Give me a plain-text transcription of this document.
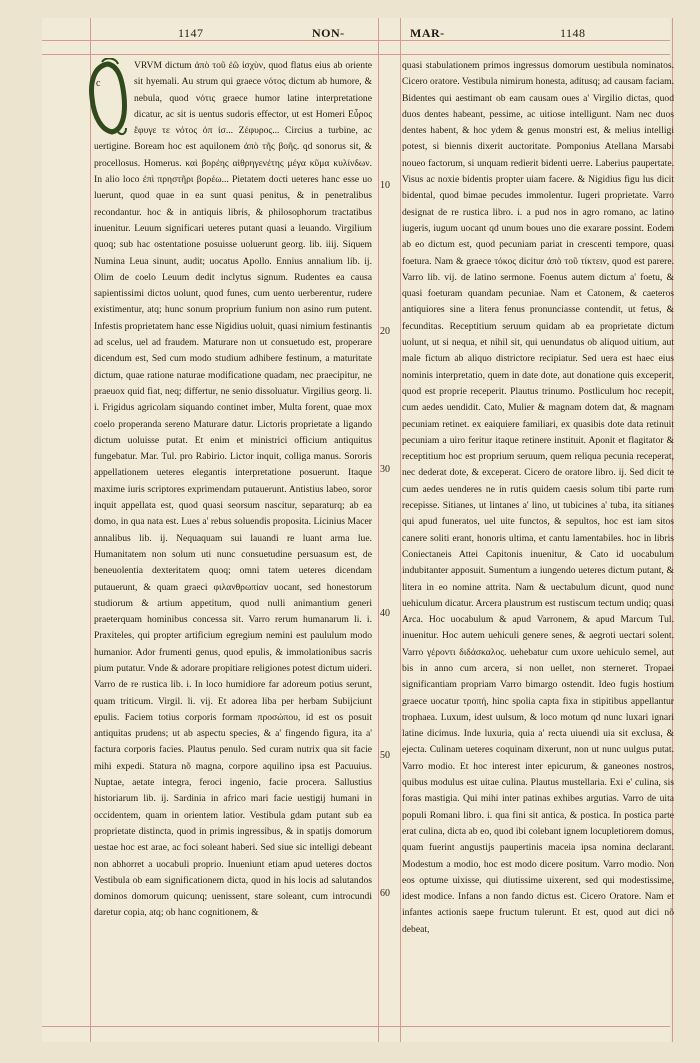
1147	NON-	MAR-	1148
c

VRVM dictum ἀπὸ τοῦ ἐῶ ἰσχὺν, quod flatus eius ab oriente sit hyemali. Au strum qui graece νότος dictum ab humore, & nebula, quod νότις graece humor latine interpretatione dicatur, ac sit is uentus sudoris effector, ut est Homeri Εὖρος ἔφυγε τε νότος ὀπ ἰσ... Ζέφυρος... Circius a turbine, ac uertigine. Boream hoc est aquilonem ἀπὸ τῆς βοῆς. qd sonorus sit, & procellosus. Homerus. καὶ βορέης αἰθρηγενέτης μέγα κῦμα κυλίνδων. In alio loco ἐπὶ πρηστῆρι βορέω... Pietatem docti ueteres hanc esse uo luerunt, quod quae in ea sunt quasi penitus, & in penetralibus recondantur. hoc & in antiquis libris, & philosophorum tractatibus inuenitur. Leuum significari ueteres putant quasi a leuando. Virgilium quoq; sub hac ostentatione posuisse uoluerunt georg. lib. iiij. Siquem Numina Leua sinunt, audit; uocatus Apollo. Ennius annalium lib. ij. Olim de coelo Leuum dedit inclytus signum. Rudentes ea causa sapientissimi dictos uolunt, quod funes, cum uento uerberentur, rudere existimentur, atq; hunc sonum proprium funium non asino rum putent. Infestis proprietatem hanc esse Nigidius uoluit, quasi nimium festinantis ad scelus, uel ad fraudem. Maturare non ut consuetudo est, properare dicendum est, Sed cum modo studium adhibere festinum, a maturitate dictum, quae ratione naturae modificatione quadam, nec praecipitur, ne praeuox quid fiat, neq; differtur, ne senio dissoluatur. Virgilius georg. li. i. Frigidus agricolam siquando continet imber, Multa forent, quae mox coelo properanda sereno Maturare datur. Lictoris proprietate a ligando dictum uoluisse putat. Et enim et ministrici officium antiquitus fungebatur. Mar. Tul. pro Rabirio. Lictor inquit, colliga manus. Sororis appellationem ueteres elegantis interpretatione posuerunt. Itaque maxime iuris scriptores exprimendam putauerunt. Antistius labeo, soror inquit appellata est, quod quasi seorsum nascitur, separaturq; ab ea domo, in qua nata est. Lues a' rebus soluendis proposita. Licinius Macer annalibus lib. ij. Nequaquam sui lauandi re luant arma lue. Humanitatem non solum uti nunc consuetudine persuasum est, de beneuolentia dexteritatem quoq; omni tatem ueteres dicendam putauerunt, & quam graeci φιλανθρωπίαν uocant, sed honestorum studiorum & artium appetitum, quod nulli animantium generi praeterquam hominibus concessa sit. Varro rerum humanarum li. i. Praxiteles, qui propter artificium egregium nemini est paululum modo humanior. Ador frumenti genus, quod epulis, & immolationibus sacris pium putatur. Vnde & adorare propitiare religiones potest dictum uideri. Varro de re rustica lib. i. In loco humidiore far adoreum potius serunt, quam triticum. Virgil. li. vij. Et adorea liba per herbam Subijciunt epulis. Faciem totius corporis formam προσώπου, id est os posuit antiquitas prudens; ut ab aspectu species, & a' fingendo figura, ita a' factura corporis facies. Plautus penulo. Sed curam nutrix qua sit facie mihi expedi. Statura nõ magna, corpore aquilino ipsa est Pacuuius. Nuptae, aetate integra, feroci ingenio, facie procera. Sallustius historiarum lib. ij. Sardinia in africo mari facie uestigij humani in occidentem, quam in orientem latior. Vestibula gdam putant sub ea proprietate distincta, quod in primis ingressibus, & in spatijs domorum uestae hoc est arae, ac foci soleant haberi. Sed siue sic intelligi debeant non abhorret a uocabuli proprio. Inueniunt etiam apud ueteres doctos Vestibula ob eam significationem dicta, quod in his locis ad salutandos dominos domorum quicunq; uenissent, stare soleant, cum introcundi daretur copia, atq; ob hanc cognitionem, &

10
20
30
40
50
60

quasi stabulationem primos ingressus domorum uestibula nominatos. Cicero oratore. Vestibula nimirum honesta, aditusq; ad causam faciam. Bidentes qui aestimant ob eam causam oues a' Virgilio dictas, quod duos dentes habeant, pessime, ac uitiose intelligunt. Nam nec duos dentes habent, & hoc ydem & genus monstri est, & melius intelligi potest, si biennis dixerit auctoritate. Pomponius Atellana Marsabi noueo factorum, si unquam redierit bidenti uerre. Laberius paupertate. Visus ac noxie bidentis propter uiam facere. & Nigidius figu lus dicit bidental, quod bimae pecudes immolentur. Iugeri proprietate. Varro designat de re rustica libro. i. a pud nos in agro romano, ac latino iugeris, iugum uocant qd unum boues uno die exarare possint. Eodem ab eo dictum est, quod pecuniam pariat in crescenti tempore, quasi foetura. Nam & graece τόκος dicitur ἀπὸ τοῦ τίκτειν, quod est parere. Varro lib. vij. de latino sermone. Foenus autem dictum a' foetu, & quasi foeturam quandam pecuniae. Nam et Catonem, & caeteros antiquiores sine a litera fenus pronunciasse contendit, ut fetus, & fecunditas. Receptitium seruum quidam ab ea proprietate dictum uolunt, ut si nequa, et nihil sit, qui uenundatus ob aliquod uitium, aut male fictum ab aliquo districtore recipiatur. Sed uera est haec eius nominis interpretatio, quem in date dote, aut donatione quis exceperit, quod est proprie receperit. Plautus trinumo. Postliculum hoc recepit, cum aedes uendidit. Cato, Mulier & magnam dotem dat, & magnam pecuniam retinet. ex eaiquiere familiari, ex quasibis dote data retinuit pecuniam a uiro feritur itaque retinere instituit. Aponit et flagitator & receptitium hoc est proprium seruum, quem reliqua pecunia receperat, nec dederat dote, & exceperat. Cicero de oratore libro. ij. Sed dicit te cum aedes uenderes ne in rutis quidem caesis solum tibi parte rum recepisse. Sitianes, ut lintanes a' lino, ut tubicines a' tuba, ita sitianes qui apud funeratos, uel uite functos, & sepultos, hoc est iam sitos canere soliti erant, honoris ultima, et cantu lamentabiles. hoc in libris Coniectaneis Attei Capitonis inuenitur, & Cato id uocabulum indubitanter apposuit. Sumentum a iungendo ueteres dictum putant, & litera in eo nomine attrita. Nam & uectabulum dicunt, quod nunc uehiculum dicatur. Arcera plaustrum est rustiscum tectum undiq; quasi Arca. Hoc uocabulum & apud Varronem, & apud Marcum Tul. inuenitur. Hoc autem uehiculi genere senes, & aegroti uectari solent. Varro γέροντι διδάσκαλος. uehebatur cum uxore uehiculo semel, aut bis in anno cum arcera, si non uellet, non sterneret. Tropaei significantiam propriam Varro bimargo ostendit. Ideo fugis hostium graece uocatur τροπή, hinc spolia capta fixa in stipitibus appellantur trophaea. Luxum, idest uulsum, & loco motum qd nunc luxari ignari latine dicimus. Inde luxuria, quia a' recta uiuendi uia sit exclusa, & ejecta. Culinam ueteres coquinam dixerunt, non ut nunc uulgus putat. Varro modio. Et hoc interest inter epicurum, & ganeones nostros, quibus modulus est uitae culina. Plautus mustellaria. Exi e' culina, sis foras mastigia. Qui mihi inter patinas exhibes argutias. Varro de uita populi Romani libro. i. qua fini sit antica, & postica. In postica parte erat culina, dicta ab eo, quod ibi colebant ignem locupletiorem domus, quam fuerint angustijs paupertinis maceia ipsa nomina declarant. Modestum a modio, hoc est modo dicere positum. Varro modio. Non eos optume uixisse, qui diutissime uixerent, sed qui modestissime, idest modice. Infans a non fando dictus est. Cicero Oratore. Nam et infantes actionis saepe fructum tulerunt. Et est, quod aut dici nõ debeat,
